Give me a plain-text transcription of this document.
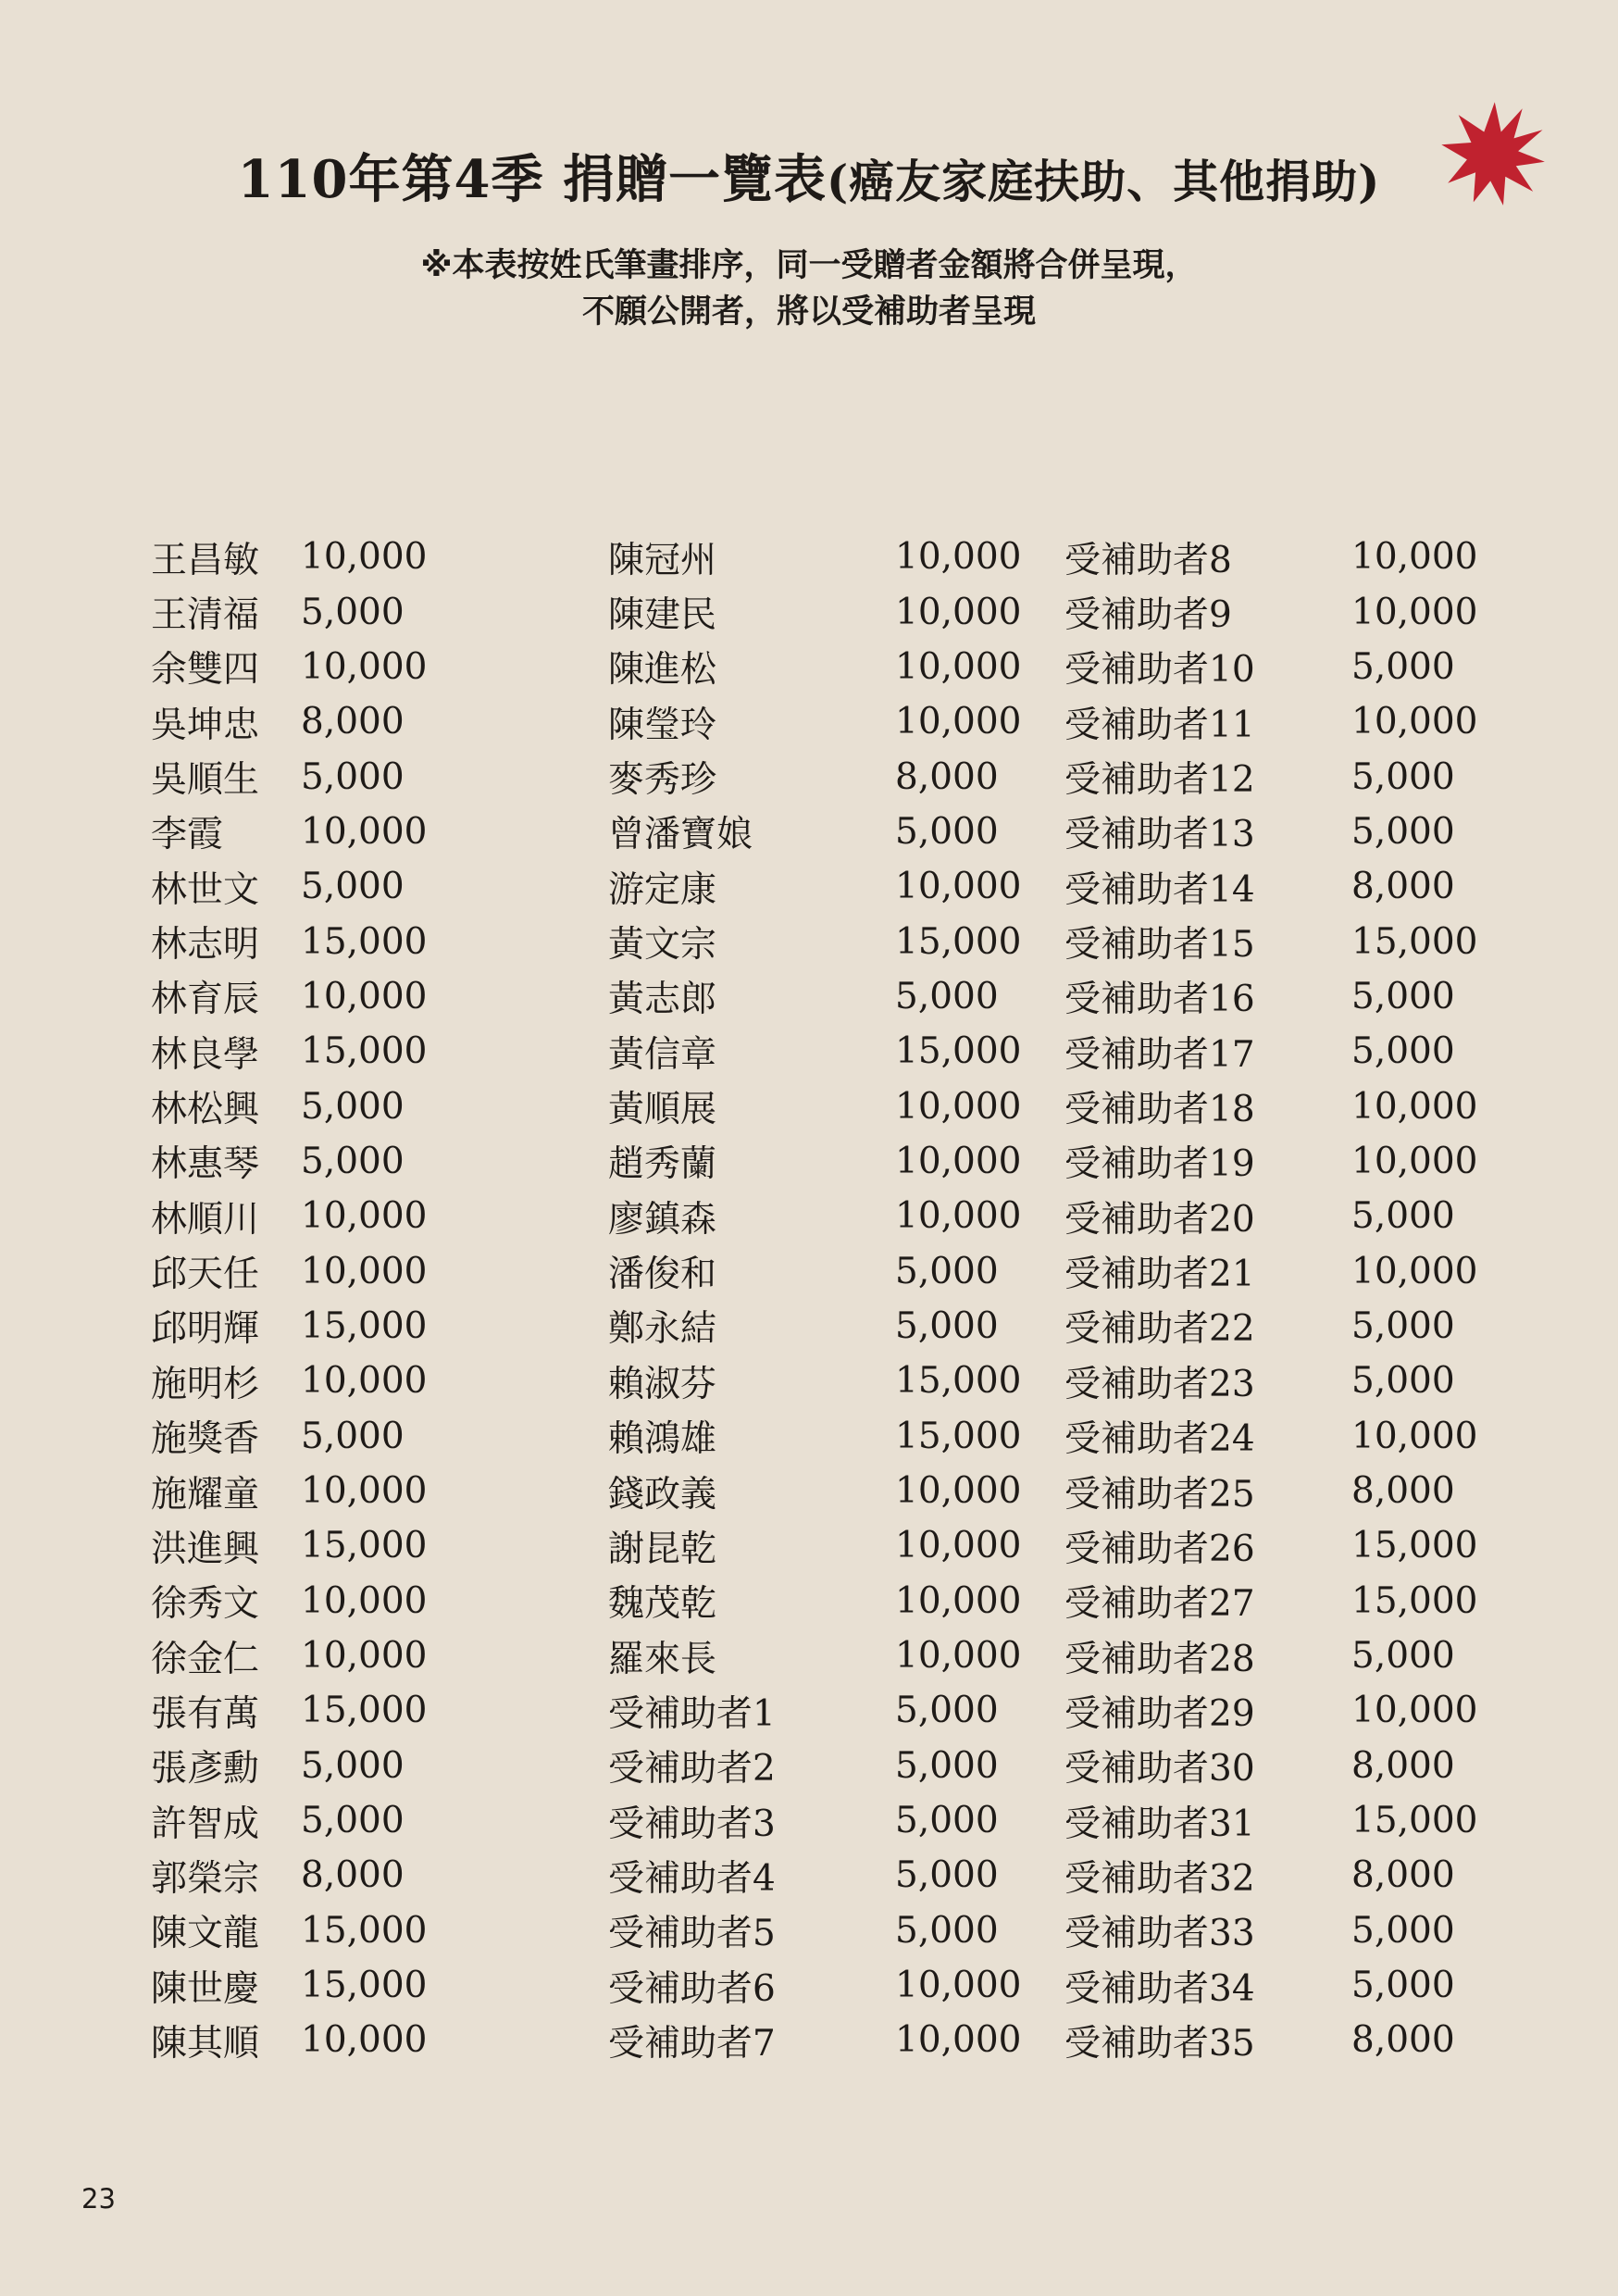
110年第4季 捐贈一覽表(癌友家庭扶助、其他捐助)
※本表按姓氏筆畫排序，同一受贈者金額將合併呈現，
不願公開者，將以受補助者呈現
王昌敏	10,000
王清福	5,000
余雙四	10,000
吳坤忠	8,000
吳順生	5,000
李霞	10,000
林世文	5,000
林志明	15,000
林育辰	10,000
林良學	15,000
林松興	5,000
林惠琴	5,000
林順川	10,000
邱天任	10,000
邱明輝	15,000
施明杉	10,000
施獎香	5,000
施耀童	10,000
洪進興	15,000
徐秀文	10,000
徐金仁	10,000
張有萬	15,000
張彥勳	5,000
許智成	5,000
郭榮宗	8,000
陳文龍	15,000
陳世慶	15,000
陳其順	10,000
陳冠州	10,000
陳建民	10,000
陳進松	10,000
陳瑩玲	10,000
麥秀珍	8,000
曾潘寶娘	5,000
游定康	10,000
黃文宗	15,000
黃志郎	5,000
黃信章	15,000
黃順展	10,000
趙秀蘭	10,000
廖鎮森	10,000
潘俊和	5,000
鄭永結	5,000
賴淑芬	15,000
賴鴻雄	15,000
錢政義	10,000
謝昆乾	10,000
魏茂乾	10,000
羅來長	10,000
受補助者1	5,000
受補助者2	5,000
受補助者3	5,000
受補助者4	5,000
受補助者5	5,000
受補助者6	10,000
受補助者7	10,000
受補助者8	10,000
受補助者9	10,000
受補助者10	5,000
受補助者11	10,000
受補助者12	5,000
受補助者13	5,000
受補助者14	8,000
受補助者15	15,000
受補助者16	5,000
受補助者17	5,000
受補助者18	10,000
受補助者19	10,000
受補助者20	5,000
受補助者21	10,000
受補助者22	5,000
受補助者23	5,000
受補助者24	10,000
受補助者25	8,000
受補助者26	15,000
受補助者27	15,000
受補助者28	5,000
受補助者29	10,000
受補助者30	8,000
受補助者31	15,000
受補助者32	8,000
受補助者33	5,000
受補助者34	5,000
受補助者35	8,000
23
